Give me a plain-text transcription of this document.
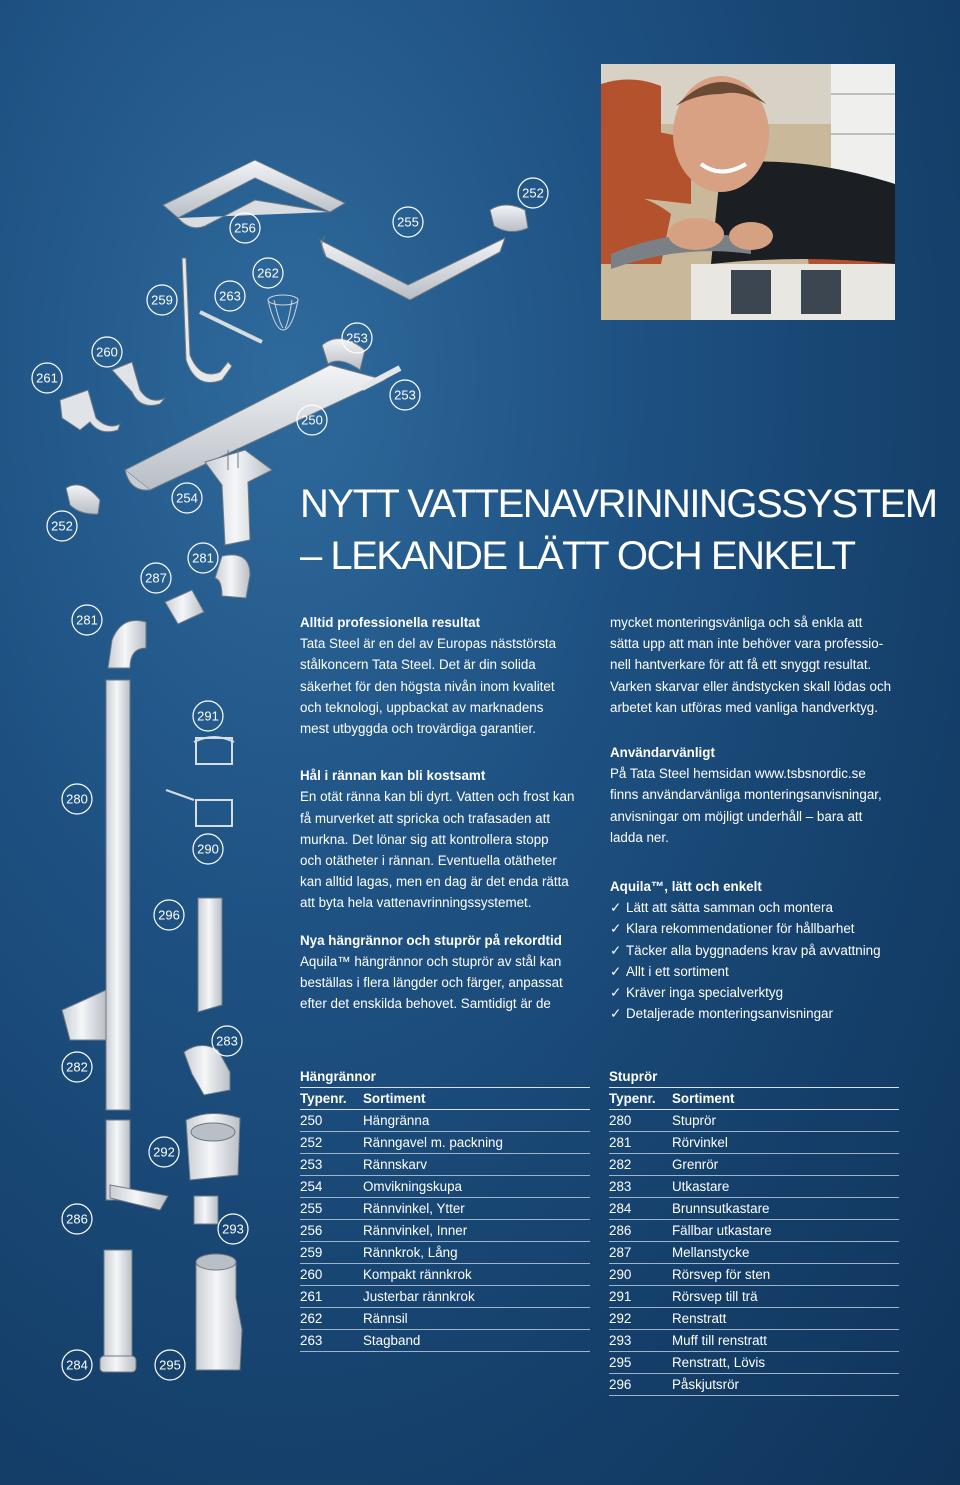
252
256	255
262
259	263
260
253
261
253
250
252
254
281
287
281
291
280
290
296
283
282
292
286
293
284	295
NYTT VATTENAVRINNINGSSYSTEM
– LEKANDE LÄTT OCH ENKELT

Alltid professionella resultat
Tata Steel är en del av Europas näststörsta
stålkoncern Tata Steel. Det är din solida
säkerhet för den högsta nivån inom kvalitet
och teknologi, uppbackat av marknadens
mest utbyggda och trovärdiga garantier.

Hål i rännan kan bli kostsamt
En otät ränna kan bli dyrt. Vatten och frost kan
få murverket att spricka och trafasaden att
murkna. Det lönar sig att kontrollera stopp
och otätheter i rännan. Eventuella otätheter
kan alltid lagas, men en dag är det enda rätta
att byta hela vattenavrinningssystemet.

Nya hängrännor och stuprör på rekordtid
Aquila™ hängrännor och stuprör av stål kan
beställas i flera längder och färger, anpassat
efter det enskilda behovet. Samtidigt är de

mycket monteringsvänliga och så enkla att
sätta upp att man inte behöver vara professio-
nell hantverkare för att få ett snyggt resultat.
Varken skarvar eller ändstycken skall lödas och
arbetet kan utföras med vanliga handverktyg.

Användarvänligt
På Tata Steel hemsidan www.tsbsnordic.se
finns användarvänliga monteringsanvisningar,
anvisningar om möjligt underhåll – bara att
ladda ner.

Aquila™, lätt och enkelt
✓ Lätt att sätta samman och montera
✓ Klara rekommendationer för hållbarhet
✓ Täcker alla byggnadens krav på avvattning
✓ Allt i ett sortiment
✓ Kräver inga specialverktyg
✓ Detaljerade monteringsanvisningar
Hängrännor
Typenr.	Sortiment
250	Hängränna
252	Ränngavel m. packning
253	Rännskarv
254	Omvikningskupa
255	Rännvinkel, Ytter
256	Rännvinkel, Inner
259	Rännkrok, Lång
260	Kompakt rännkrok
261	Justerbar rännkrok
262	Rännsil
263	Stagband
Stuprör
Typenr.	Sortiment
280	Stuprör
281	Rörvinkel
282	Grenrör
283	Utkastare
284	Brunnsutkastare
286	Fällbar utkastare
287	Mellanstycke
290	Rörsvep för sten
291	Rörsvep till trä
292	Renstratt
293	Muff till renstratt
295	Renstratt, Lövis
296	Påskjutsrör
